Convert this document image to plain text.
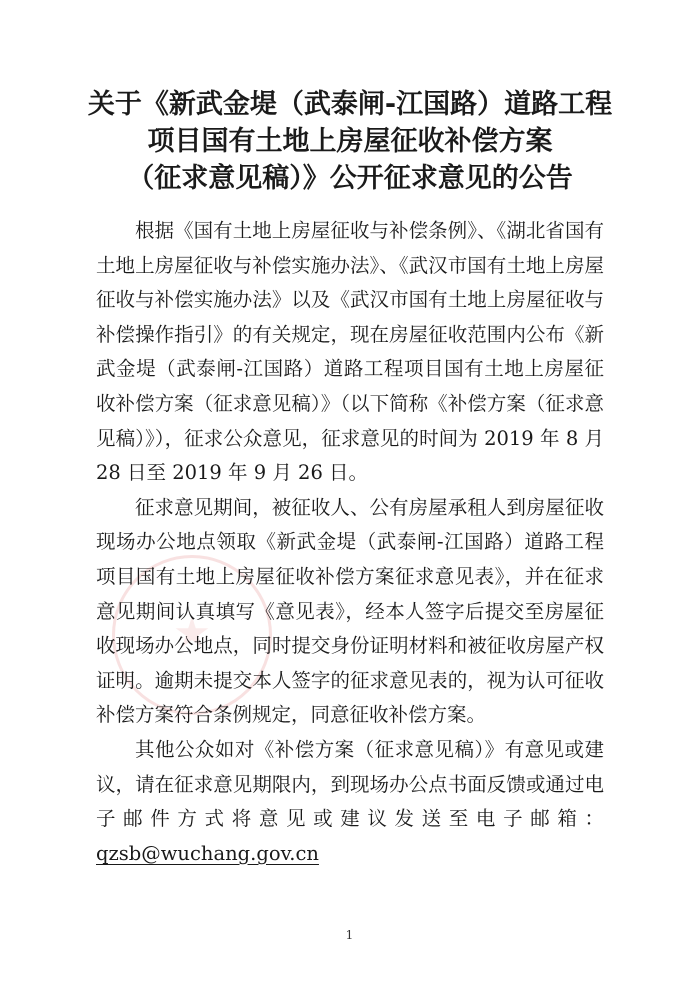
关于《新武金堤（武泰闸-江国路）道路工程
项目国有土地上房屋征收补偿方案
（征求意见稿）》公开征求意见的公告

根据《国有土地上房屋征收与补偿条例》、《湖北省国有土地上房屋征收与补偿实施办法》、《武汉市国有土地上房屋征收与补偿实施办法》以及《武汉市国有土地上房屋征收与补偿操作指引》的有关规定，现在房屋征收范围内公布《新武金堤（武泰闸-江国路）道路工程项目国有土地上房屋征收补偿方案（征求意见稿）》（以下简称《补偿方案（征求意见稿）》），征求公众意见，征求意见的时间为 2019 年 8 月 28 日至 2019 年 9 月 26 日。

征求意见期间，被征收人、公有房屋承租人到房屋征收现场办公地点领取《新武金堤（武泰闸-江国路）道路工程项目国有土地上房屋征收补偿方案征求意见表》，并在征求意见期间认真填写《意见表》，经本人签字后提交至房屋征收现场办公地点，同时提交身份证明材料和被征收房屋产权证明。逾期未提交本人签字的征求意见表的，视为认可征收补偿方案符合条例规定，同意征收补偿方案。

其他公众如对《补偿方案（征求意见稿）》有意见或建议，请在征求意见期限内，到现场办公点书面反馈或通过电子邮件方式将意见或建议发送至电子邮箱：qzsb@wuchang.gov.cn

1
